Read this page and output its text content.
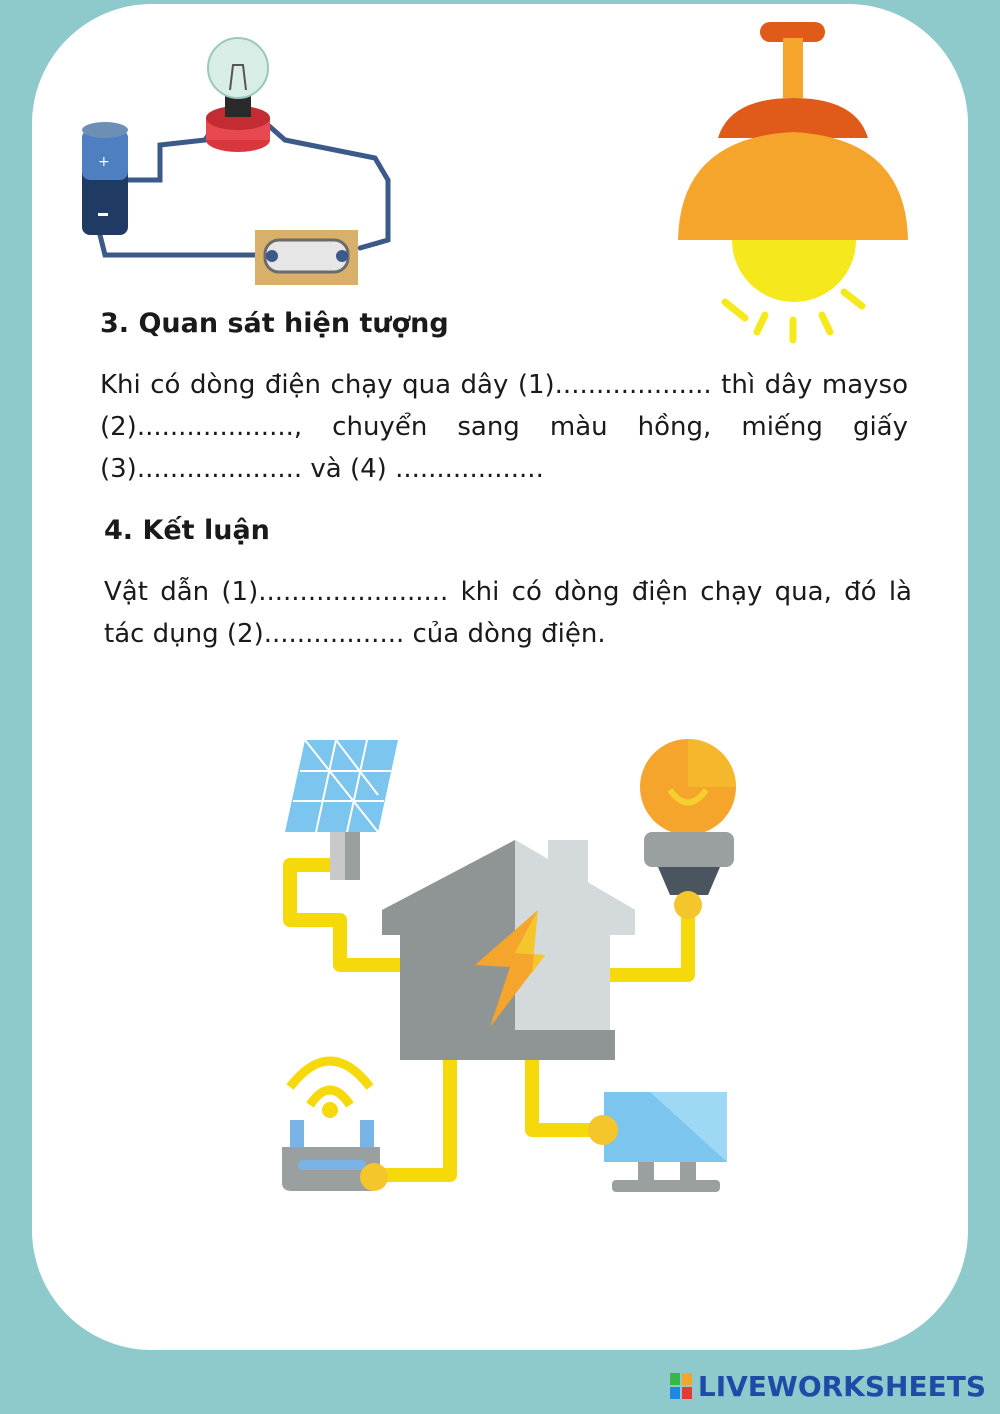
+
3. Quan sát hiện tượng

Khi có dòng điện chạy qua dây (1)................... thì dây mayso (2)..................., chuyển sang màu hồng, miếng giấy (3).................... và (4) ..................

4. Kết luận

Vật dẫn (1)....................... khi có dòng điện chạy qua, đó là tác dụng (2)................. của dòng điện.

LIVEWORKSHEETS
